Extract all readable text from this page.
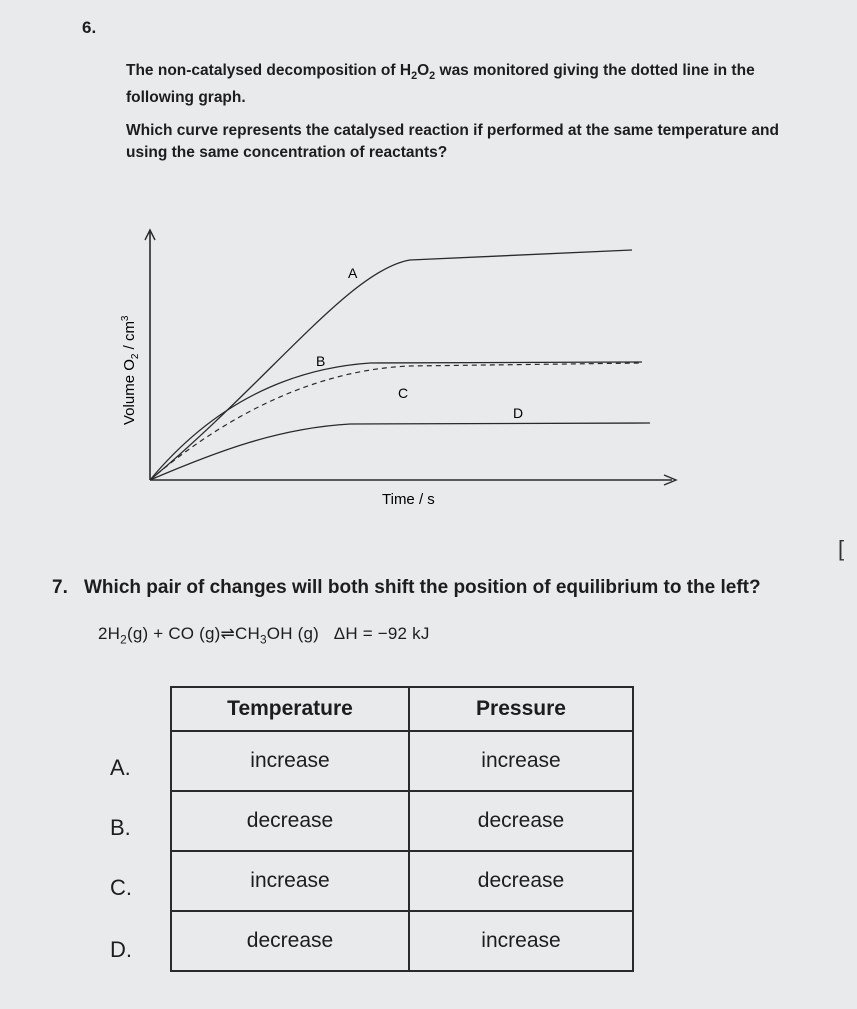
6.

The non-catalysed decomposition of $H_2O_2$ was monitored giving the dotted line in the following graph.

Which curve represents the catalysed reaction if performed at the same temperature and using the same concentration of reactants?

A
B
C
D
Time / s
Volume $O_2 / cm^3$
[
7. Which pair of changes will both shift the position of equilibrium to the left?
$2H_2(g)$ + CO $(g)\rightleftharpoons CH_3OH$ (g) ΔH = −92 kJ
A.
B.
C.
D.
Temperature	Pressure
increase	increase
decrease	decrease
increase	decrease
decrease	increase
